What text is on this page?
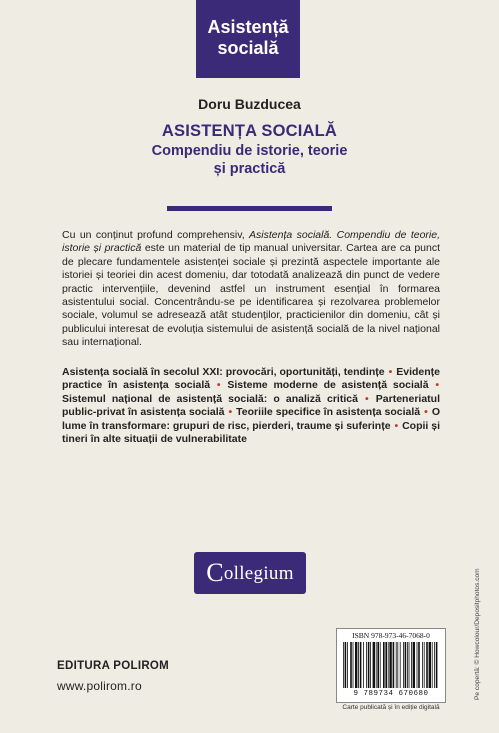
Asistență
socială
Doru Buzducea
ASISTENȚA SOCIALĂ
Compendiu de istorie, teorie
și practică
Cu un conținut profund comprehensiv, Asistența socială. Compendiu de teorie, istorie și practică este un material de tip manual universitar. Cartea are ca punct de plecare fundamentele asistenței sociale și prezintă aspectele importante ale istoriei și teoriei din acest domeniu, dar totodată analizează din punct de vedere practic intervențiile, devenind astfel un instrument esențial în formarea asistentului social. Concentrându-se pe identificarea și rezolvarea problemelor sociale, volumul se adresează atât studenților, practicienilor din domeniu, cât și publicului interesat de evoluția sistemului de asistență socială de la nivel național sau internațional.
Asistența socială în secolul XXI: provocări, oportunități, tendințe • Evidențe practice în asistența socială • Sisteme moderne de asistență socială • Sistemul național de asistență socială: o analiză critică • Parteneriatul public-privat în asistența socială • Teoriile specifice în asistența socială • O lume în transformare: grupuri de risc, pierderi, traume și suferințe • Copii și tineri în alte situații de vulnerabilitate
Collegium	Pe copertă: © Howcolour/Depositphotos.com
EDITURA POLIROM
www.polirom.ro
ISBN 978-973-46-7068-0
9 789734 670680
Carte publicată și în ediție digitală
